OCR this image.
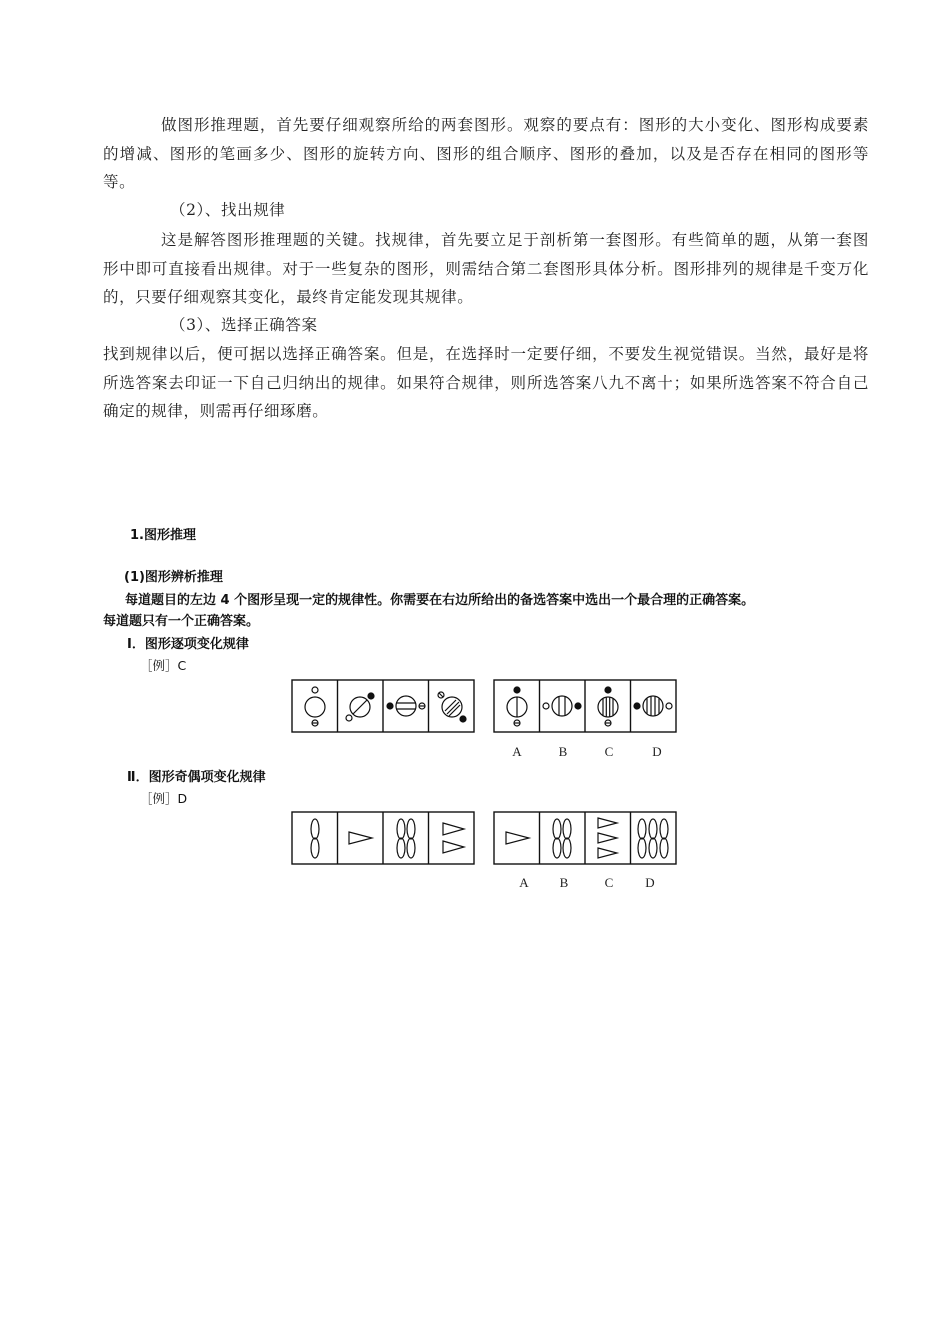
做图形推理题，首先要仔细观察所给的两套图形。观察的要点有：图形的大小变化、图形构成要素的增减、图形的笔画多少、图形的旋转方向、图形的组合顺序、图形的叠加，以及是否存在相同的图形等等。

（2）、找出规律

这是解答图形推理题的关键。找规律，首先要立足于剖析第一套图形。有些简单的题，从第一套图形中即可直接看出规律。对于一些复杂的图形，则需结合第二套图形具体分析。图形排列的规律是千变万化的，只要仔细观察其变化，最终肯定能发现其规律。

（3）、选择正确答案

找到规律以后，便可据以选择正确答案。但是，在选择时一定要仔细，不要发生视觉错误。当然，最好是将所选答案去印证一下自己归纳出的规律。如果符合规律，则所选答案八九不离十；如果所选答案不符合自己确定的规律，则需再仔细琢磨。

1.图形推理

(1)图形辨析推理

每道题目的左边 4 个图形呈现一定的规律性。你需要在右边所给出的备选答案中选出一个最合理的正确答案。

每道题只有一个正确答案。

Ⅰ．图形逐项变化规律

［例］C

A	B	C	D

Ⅱ．图形奇偶项变化规律

［例］D

A B	C D
